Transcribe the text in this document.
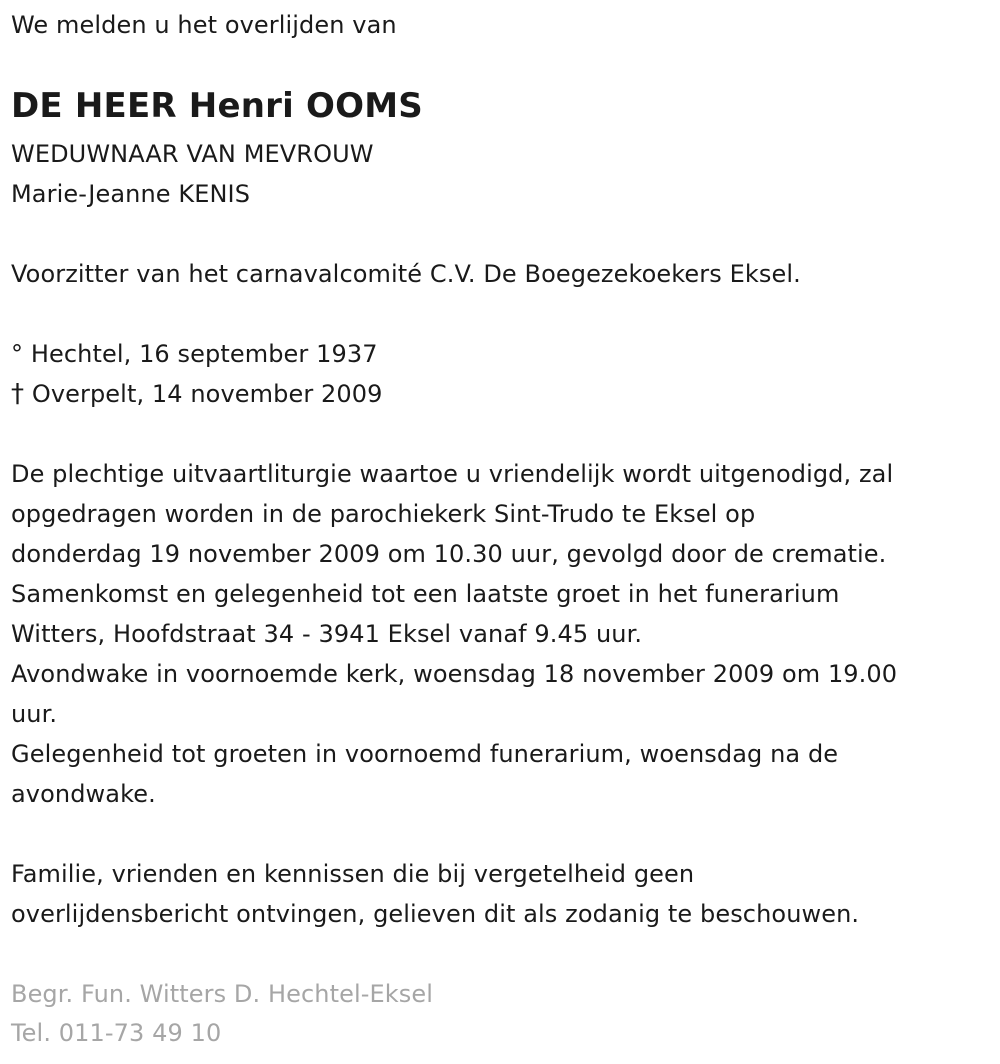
We melden u het overlijden van
DE HEER Henri OOMS
WEDUWNAAR VAN MEVROUW
Marie-Jeanne KENIS
Voorzitter van het carnavalcomité C.V. De Boegezekoekers Eksel.
° Hechtel, 16 september 1937
† Overpelt, 14 november 2009
De plechtige uitvaartliturgie waartoe u vriendelijk wordt uitgenodigd, zal
opgedragen worden in de parochiekerk Sint-Trudo te Eksel op
donderdag 19 november 2009 om 10.30 uur, gevolgd door de crematie.
Samenkomst en gelegenheid tot een laatste groet in het funerarium
Witters, Hoofdstraat 34 - 3941 Eksel vanaf 9.45 uur.
Avondwake in voornoemde kerk, woensdag 18 november 2009 om 19.00
uur.
Gelegenheid tot groeten in voornoemd funerarium, woensdag na de
avondwake.
Familie, vrienden en kennissen die bij vergetelheid geen
overlijdensbericht ontvingen, gelieven dit als zodanig te beschouwen.
Begr. Fun. Witters D. Hechtel-Eksel
Tel. 011-73 49 10
